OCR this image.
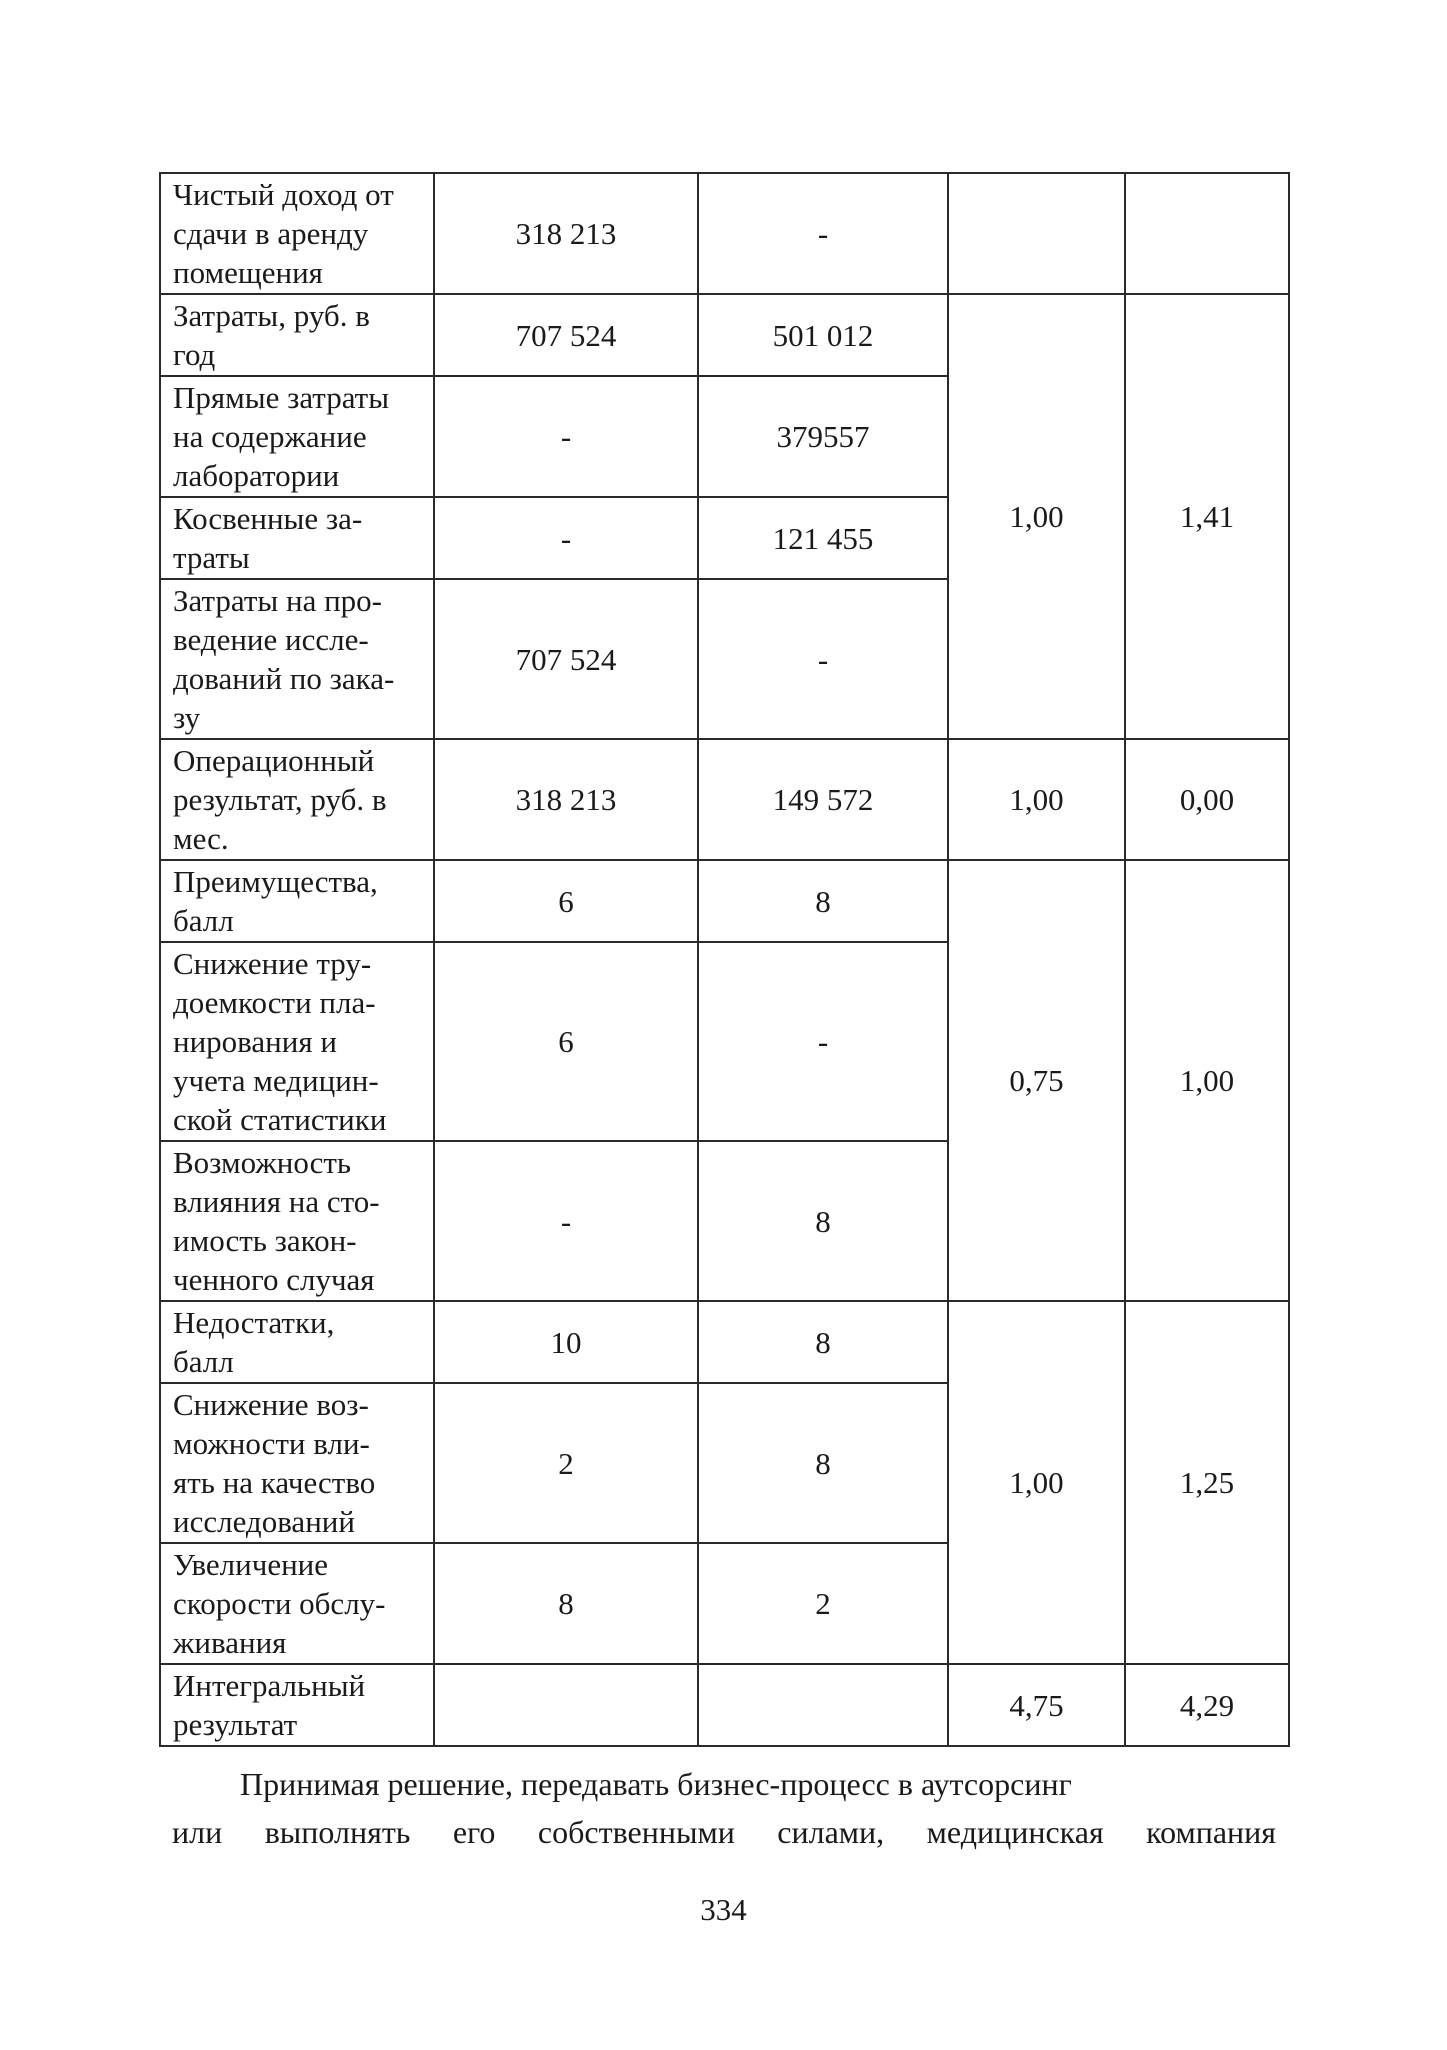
Чистый доход от
сдачи в аренду
помещения	318 213	-		

Затраты, руб. в
год	707 524	501 012	1,00	1,41

Прямые затраты
на содержание
лаборатории	-	379557		

Косвенные за-
траты	-	121 455		

Затраты на про-
ведение иссле-
дований по зака-
зу	707 524	-		

Операционный
результат, руб. в
мес.	318 213	149 572	1,00	0,00

Преимущества,
балл	6	8	0,75	1,00

Снижение тру-
доемкости пла-
нирования и
учета медицин-
ской статистики	6	-		

Возможность
влияния на сто-
имость закон-
ченного случая	-	8		

Недостатки,
балл	10	8	1,00	1,25

Снижение воз-
можности вли-
ять на качество
исследований	2	8		

Увеличение
скорости обслу-
живания	8	2		

Интегральный
результат			4,75	4,29
Принимая решение, передавать бизнес-процесс в аутсорсинг
или выполнять его собственными силами, медицинская компания
334
